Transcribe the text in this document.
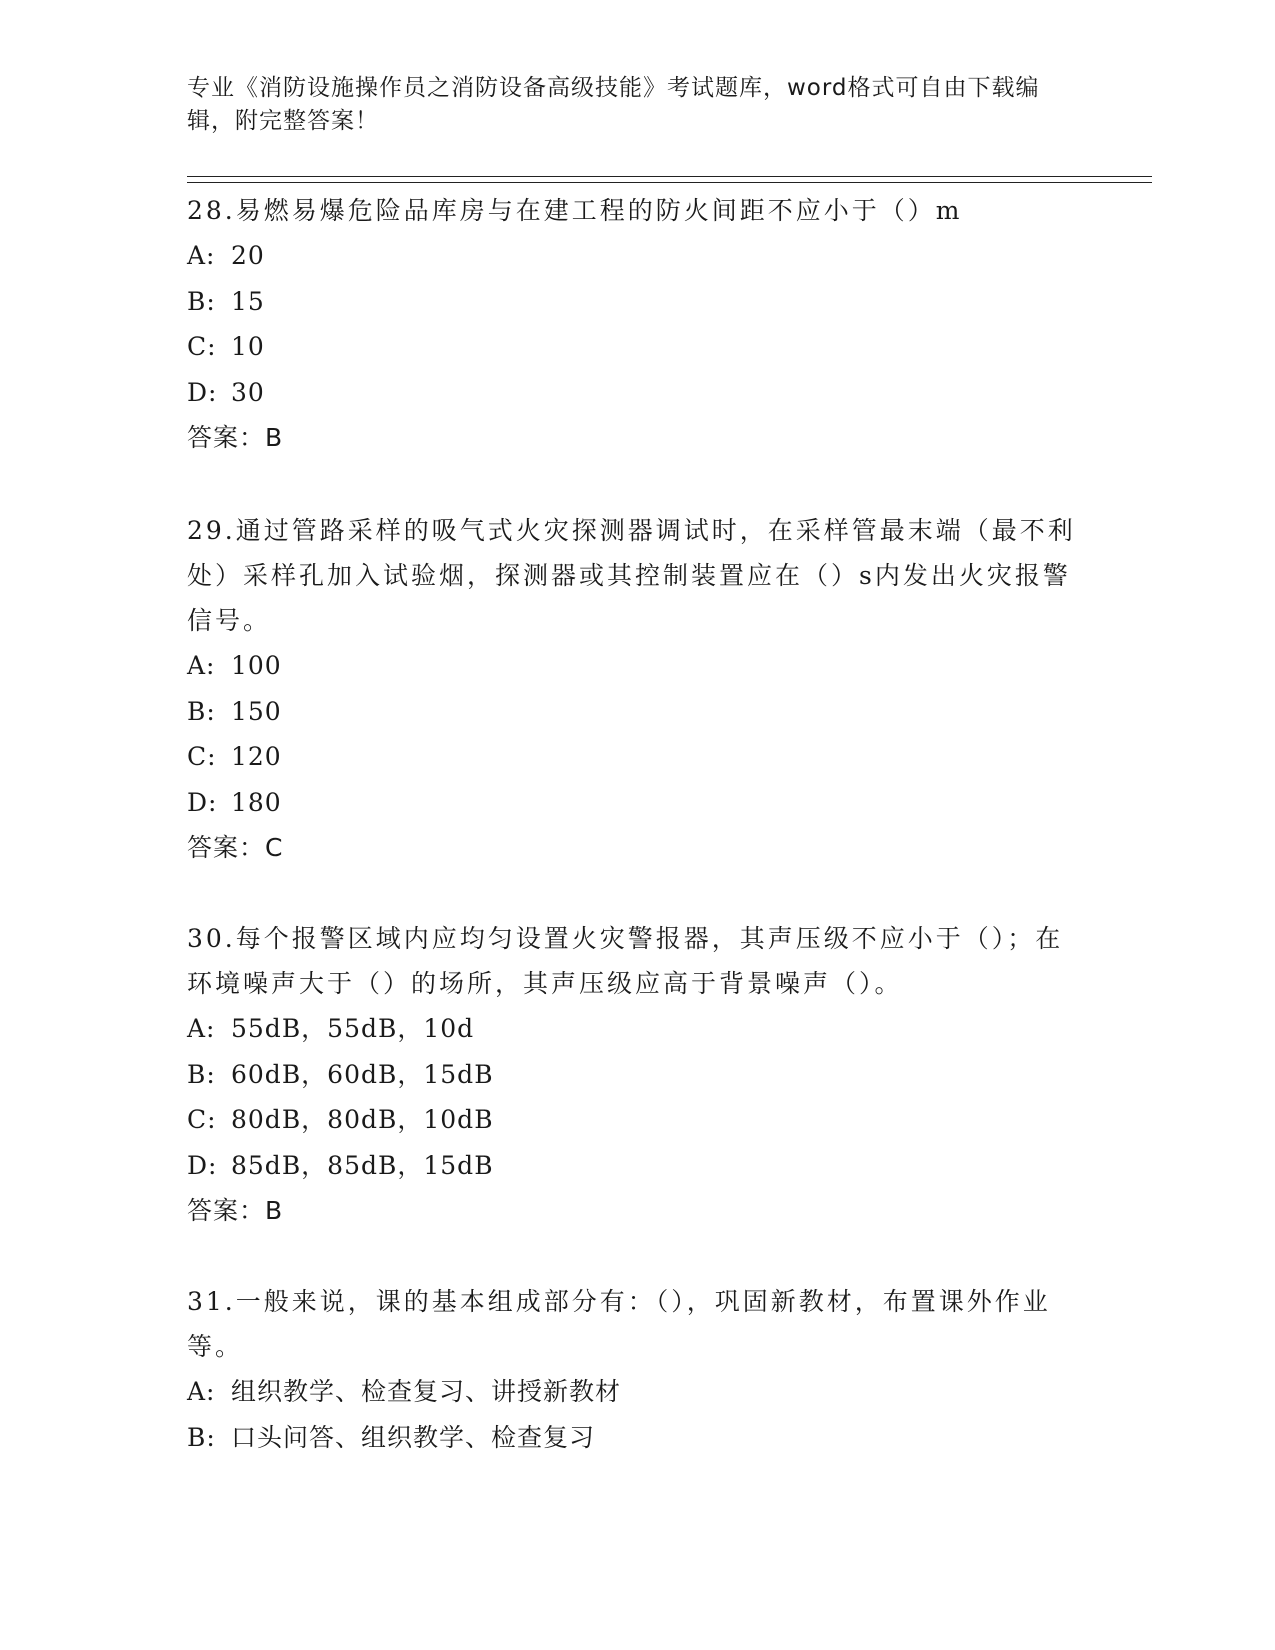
专业《消防设施操作员之消防设备高级技能》考试题库，word格式可自由下载编辑，附完整答案！

28.易燃易爆危险品库房与在建工程的防火间距不应小于（）m

A: 20

B: 15

C: 10

D: 30

答案：B

29.通过管路采样的吸气式火灾探测器调试时，在采样管最末端（最不利处）采样孔加入试验烟，探测器或其控制装置应在（）s内发出火灾报警信号。

A: 100

B: 150

C: 120

D: 180

答案：C

30.每个报警区域内应均匀设置火灾警报器，其声压级不应小于（）；在环境噪声大于（）的场所，其声压级应高于背景噪声（）。

A: 55dB，55dB，10d

B: 60dB，60dB，15dB

C: 80dB，80dB，10dB

D: 85dB，85dB，15dB

答案：B

31.一般来说，课的基本组成部分有：（），巩固新教材，布置课外作业等。

A: 组织教学、检查复习、讲授新教材

B: 口头问答、组织教学、检查复习
